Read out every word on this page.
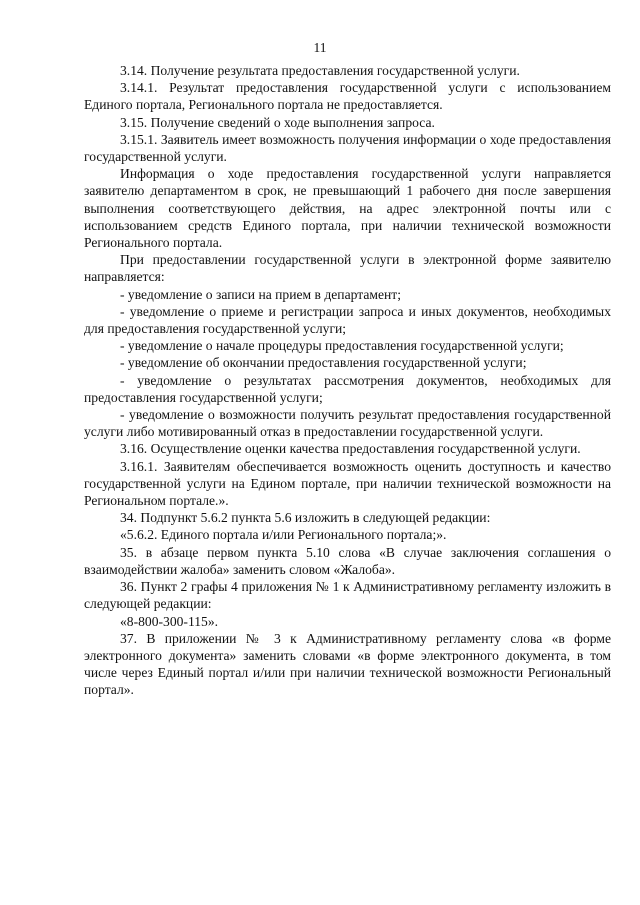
11

3.14. Получение результата предоставления государственной услуги.

3.14.1. Результат предоставления государственной услуги с использованием Единого портала, Регионального портала не предоставляется.

3.15. Получение сведений о ходе выполнения запроса.

3.15.1. Заявитель имеет возможность получения информации о ходе предоставления государственной услуги.

Информация о ходе предоставления государственной услуги направляется заявителю департаментом в срок, не превышающий 1 рабочего дня после завершения выполнения соответствующего действия, на адрес электронной почты или с использованием средств Единого портала, при наличии технической возможности Регионального портала.

При предоставлении государственной услуги в электронной форме заявителю направляется:

- уведомление о записи на прием в департамент;

- уведомление о приеме и регистрации запроса и иных документов, необходимых для предоставления государственной услуги;

- уведомление о начале процедуры предоставления государственной услуги;

- уведомление об окончании предоставления государственной услуги;

- уведомление о результатах рассмотрения документов, необходимых для предоставления государственной услуги;

- уведомление о возможности получить результат предоставления государственной услуги либо мотивированный отказ в предоставлении государственной услуги.

3.16. Осуществление оценки качества предоставления государственной услуги.

3.16.1. Заявителям обеспечивается возможность оценить доступность и качество государственной услуги на Едином портале, при наличии технической возможности на Региональном портале.».

34. Подпункт 5.6.2 пункта 5.6 изложить в следующей редакции:

«5.6.2. Единого портала и/или Регионального портала;».

35. в абзаце первом пункта 5.10 слова «В случае заключения соглашения о взаимодействии жалоба» заменить словом «Жалоба».

36. Пункт 2 графы 4 приложения № 1 к Административному регламенту изложить в следующей редакции:

«8-800-300-115».

37. В приложении № 3 к Административному регламенту слова «в форме электронного документа» заменить словами «в форме электронного документа, в том числе через Единый портал и/или при наличии технической возможности Региональный портал».
